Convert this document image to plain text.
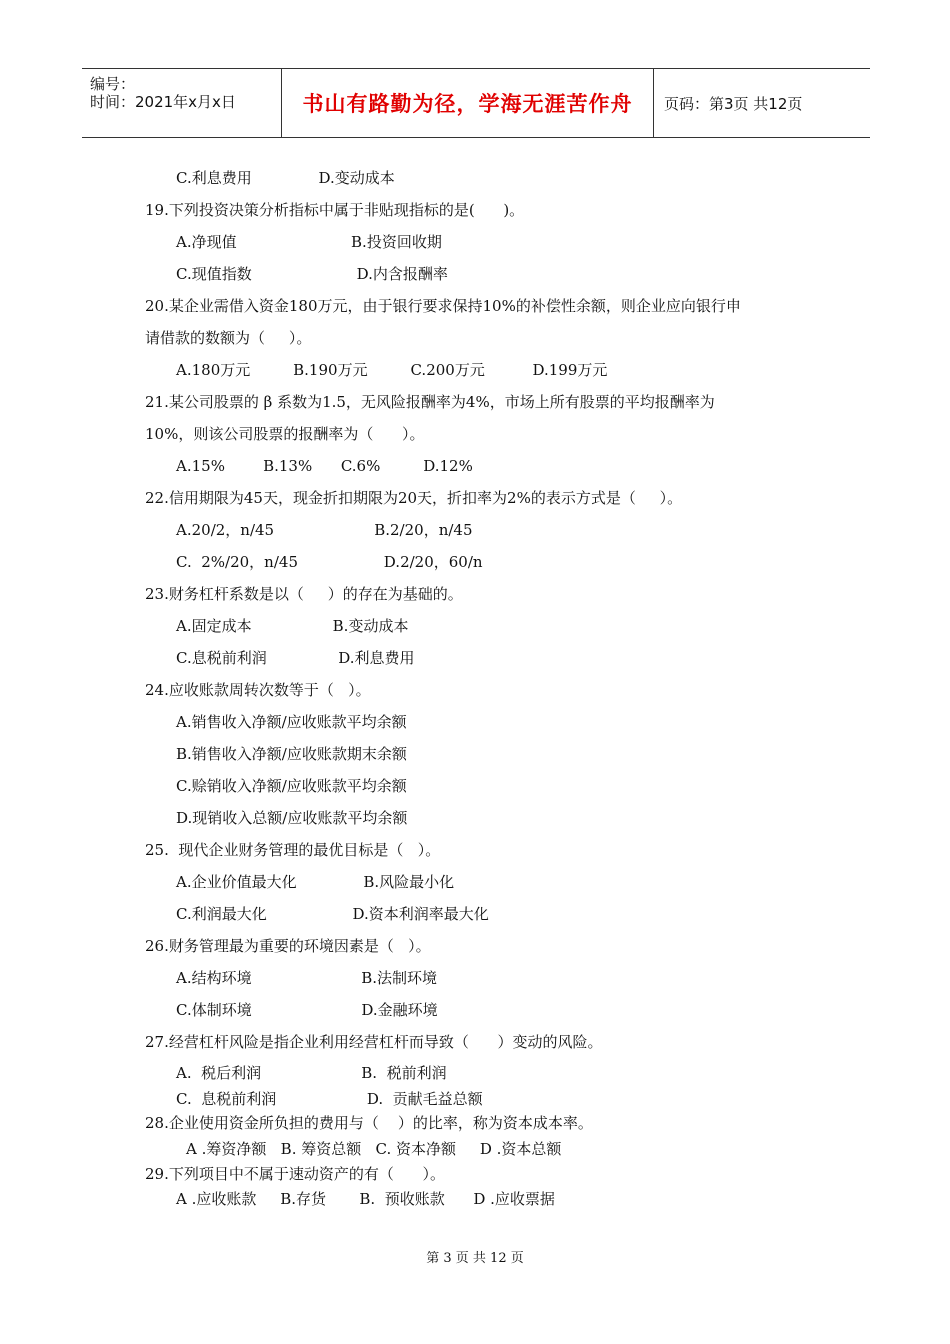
编号：
时间：2021年x月x日	书山有路勤为径，学海无涯苦作舟	页码：第3页 共12页
C.利息费用              D.变动成本
19.下列投资决策分析指标中属于非贴现指标的是(      )。
A.净现值                        B.投资回收期
C.现值指数                      D.内含报酬率
20.某企业需借入资金180万元，由于银行要求保持10%的补偿性余额，则企业应向银行申
请借款的数额为（     ）。
A.180万元         B.190万元         C.200万元          D.199万元
21.某公司股票的 β 系数为1.5，无风险报酬率为4%，市场上所有股票的平均报酬率为
10%，则该公司股票的报酬率为（      ）。
A.15%        B.13%      C.6%         D.12%
22.信用期限为45天，现金折扣期限为20天，折扣率为2%的表示方式是（     ）。
A.20/2，n/45                     B.2/20，n/45
C.  2%/20，n/45                  D.2/20，60/n
23.财务杠杆系数是以（     ）的存在为基础的。
A.固定成本                 B.变动成本
C.息税前利润               D.利息费用
24.应收账款周转次数等于（   ）。
A.销售收入净额/应收账款平均余额
B.销售收入净额/应收账款期末余额
C.赊销收入净额/应收账款平均余额
D.现销收入总额/应收账款平均余额
25.  现代企业财务管理的最优目标是（   ）。
A.企业价值最大化              B.风险最小化
C.利润最大化                  D.资本利润率最大化
26.财务管理最为重要的环境因素是（   ）。
A.结构环境                       B.法制环境
C.体制环境                       D.金融环境
27.经营杠杆风险是指企业利用经营杠杆而导致（      ）变动的风险。
A.  税后利润                     B.  税前利润
C.  息税前利润                   D.  贡献毛益总额
28.企业使用资金所负担的费用与（    ）的比率，称为资本成本率。
A .筹资净额   B. 筹资总额   C. 资本净额     D .资本总额
29.下列项目中不属于速动资产的有（      ）。
A .应收账款     B.存货       B.  预收账款      D .应收票据
第 3 页 共 12 页
